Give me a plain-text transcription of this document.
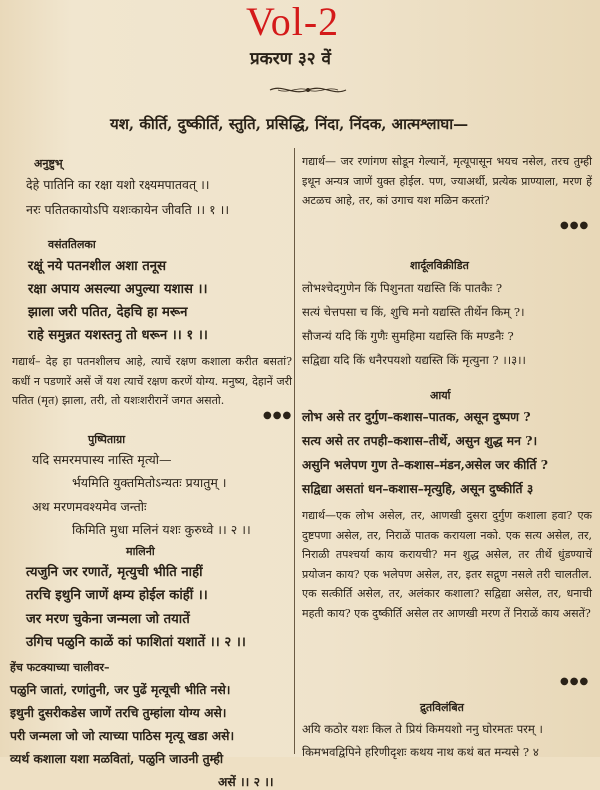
Vol-2
प्रकरण ३२ वें
यश, कीर्ति, दुष्कीर्ति, स्तुति, प्रसिद्धि, निंदा, निंदक, आत्मश्लाघा—
अनुष्टुभ्
देहे पातिनि का रक्षा यशो रक्ष्यमपातवत् ।।
नरः पतितकायोऽपि यशःकायेन जीवति ।। १ ।।
वसंततिलका
रक्षूं नये पतनशील अशा तनूस
रक्षा अपाय असल्या अपुल्या यशास ।।
झाला जरी पतित, देहचि हा मरून
राहे समुन्नत यशस्तनु तो धरून ।। १ ।।
गद्यार्थ– देह हा पतनशीलच आहे, त्याचें रक्षण कशाला करीत बसतां? कधीं न पडणारें असें जें यश त्याचें रक्षण करणें योग्य. मनुष्य, देहानें जरी पतित (मृत) झाला, तरी, तो यशःशरीरानें जगत असतो.
●●●
पुष्पिताग्रा
यदि समरमपास्य नास्ति मृत्यो—
र्भयमिति युक्तमितोऽन्यतः प्रयातुम् ।
अथ मरणमवश्यमेव जन्तोः
किमिति मुधा मलिनं यशः कुरुध्वे ।। २ ।।
मालिनी
त्यजुनि जर रणातें, मृत्युची भीति नाहीं
तरचि इथुनि जाणें क्षम्य होईल कांहीं ।।
जर मरण चुकेना जन्मला जो तयातें
उगिच पळुनि काळें कां फाशितां यशातें ।। २ ।।
हेंच फटक्याच्या चालीवर–
पळुनि जातां, रणांतुनी, जर पुढें मृत्यूची भीति नसे।
इथुनी दुसरीकडेस जाणें तरचि तुम्हांला योग्य असे।
परी जन्मला जो जो त्याच्या पाठिस मृत्यू खडा असे।
व्यर्थ कशाला यशा मळवितां, पळुनि जाउनी तुम्ही
असें ।। २ ।।
गद्यार्थ— जर रणांगण सोडून गेल्यानें, मृत्यूपासून भयच नसेल, तरच तुम्ही इथून अन्यत्र जाणें युक्त होईल. पण, ज्याअर्थी, प्रत्येक प्राण्याला, मरण हें अटळच आहे, तर, कां उगाच यश मळिन करतां?
●●●
शार्दूलविक्रीडित
लोभश्चेदगुणेन किं पिशुनता यद्यस्ति किं पातकैः ?
सत्यं चेत्तपसा च किं, शुचि मनो यद्यस्ति तीर्थेन किम् ?।
सौजन्यं यदि किं गुणैः सुमहिमा यद्यस्ति किं मण्डनैः ?
सद्विद्या यदि किं धनैरपयशो यद्यस्ति किं मृत्युना ? ।।३।।
आर्या
लोभ असे तर दुर्गुण–कशास–पातक, असून दुष्पण ?
सत्य असे तर तपही–कशास–तीर्थे, असुन शुद्ध मन ?।
असुनि भलेपण गुण ते–कशास–मंडन,असेल जर कीर्ति ?
सद्विद्या असतां धन–कशास–मृत्युहि, असून दुष्कीर्ति ३
गद्यार्थ—एक लोभ असेल, तर, आणखी दुसरा दुर्गुण कशाला हवा? एक दुष्टपणा असेल, तर, निराळें पातक करायला नको. एक सत्य असेल, तर, निराळी तपश्चर्या काय करायची? मन शुद्ध असेल, तर तीर्थे धुंडण्याचें प्रयोजन काय? एक भलेपण असेल, तर, इतर सद्गुण नसले तरी चालतील. एक सत्कीर्ति असेल, तर, अलंकार कशाला? सद्विद्या असेल, तर, धनाची महती काय? एक दुष्कीर्ति असेल तर आणखी मरण तें निराळें काय असतें?
●●●
द्रुतविलंबित
अयि कठोर यशः किल ते प्रियं किमयशो ननु घोरमतः परम् ।
किमभवद्विपिने हरिणीदृशः कथय नाथ कथं बत मन्यसे ? ४
